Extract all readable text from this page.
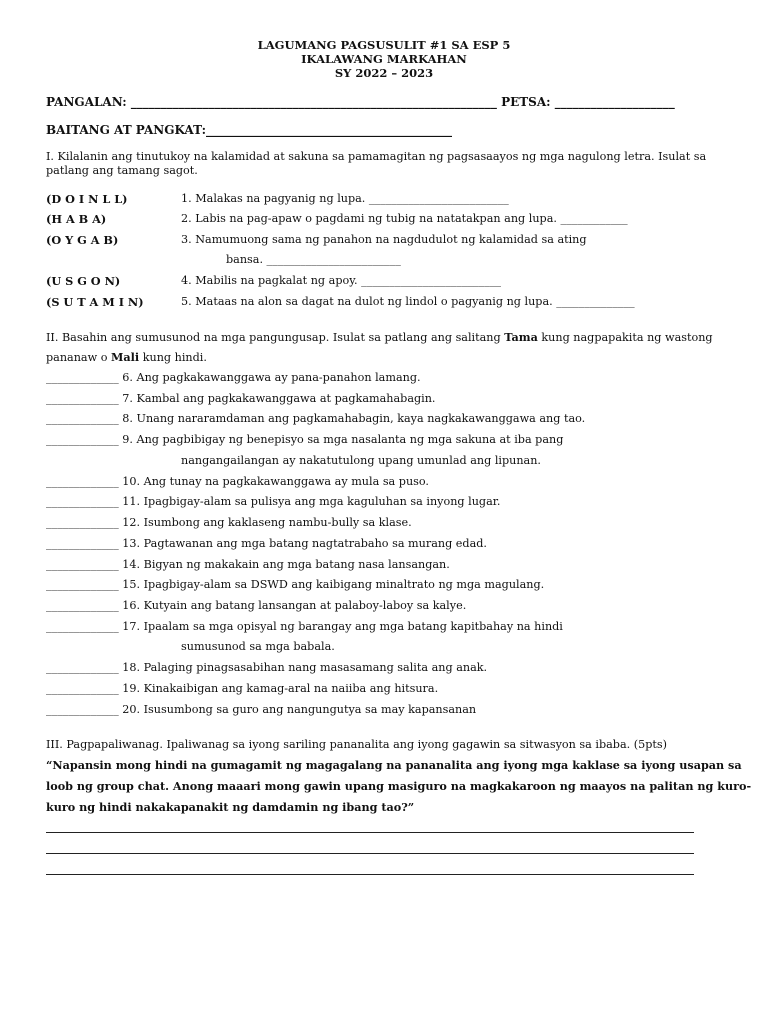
LAGUMANG PAGSUSULIT #1 SA ESP 5
IKALAWANG MARKAHAN
SY 2022 – 2023
PANGALAN: _____________________________________________________________ PETSA: ____________________
BAITANG AT PANGKAT:_________________________________________
I. Kilalanin ang tinutukoy na kalamidad at sakuna sa pamamagitan ng pagsasaayos ng mga nagulong letra. Isulat sa
patlang ang tamang sagot.
(D O I N L L)	1. Malakas na pagyanig ng lupa. _________________________
(H A B A)	2. Labis na pag-apaw o pagdami ng tubig na natatakpan ang lupa. ____________
(O Y G A B)	3. Namumuong sama ng panahon na nagdudulot ng kalamidad sa ating
bansa. ________________________
(U S G O N)	4. Mabilis na pagkalat ng apoy. _________________________
(S U T A M I N)	5. Mataas na alon sa dagat na dulot ng lindol o pagyanig ng lupa. ______________
II. Basahin ang sumusunod na mga pangungusap. Isulat sa patlang ang salitang Tama kung nagpapakita ng wastong
pananaw o Mali kung hindi.
_____________ 6. Ang pagkakawanggawa ay pana-panahon lamang.
_____________ 7. Kambal ang pagkakawanggawa at pagkamahabagin.
_____________ 8. Unang nararamdaman ang pagkamahabagin, kaya nagkakawanggawa ang tao.
_____________ 9. Ang pagbibigay ng benepisyo sa mga nasalanta ng mga sakuna at iba pang
nangangailangan ay nakatutulong upang umunlad ang lipunan.
_____________ 10. Ang tunay na pagkakawanggawa ay mula sa puso.
_____________ 11. Ipagbigay-alam sa pulisya ang mga kaguluhan sa inyong lugar.
_____________ 12. Isumbong ang kaklaseng nambu-bully sa klase.
_____________ 13. Pagtawanan ang mga batang nagtatrabaho sa murang edad.
_____________ 14. Bigyan ng makakain ang mga batang nasa lansangan.
_____________ 15. Ipagbigay-alam sa DSWD ang kaibigang minaltrato ng mga magulang.
_____________ 16. Kutyain ang batang lansangan at palaboy-laboy sa kalye.
_____________ 17. Ipaalam sa mga opisyal ng barangay ang mga batang kapitbahay na hindi
sumusunod sa mga babala.
_____________ 18. Palaging pinagsasabihan nang masasamang salita ang anak.
_____________ 19. Kinakaibigan ang kamag-aral na naiiba ang hitsura.
_____________ 20. Isusumbong sa guro ang nangungutya sa may kapansanan
III. Pagpapaliwanag. Ipaliwanag sa iyong sariling pananalita ang iyong gagawin sa sitwasyon sa ibaba. (5pts)
“Napansin mong hindi na gumagamit ng magagalang na pananalita ang iyong mga kaklase sa iyong usapan sa
loob ng group chat. Anong maaari mong gawin upang masiguro na magkakaroon ng maayos na palitan ng kuro-
kuro ng hindi nakakapanakit ng damdamin ng ibang tao?”
